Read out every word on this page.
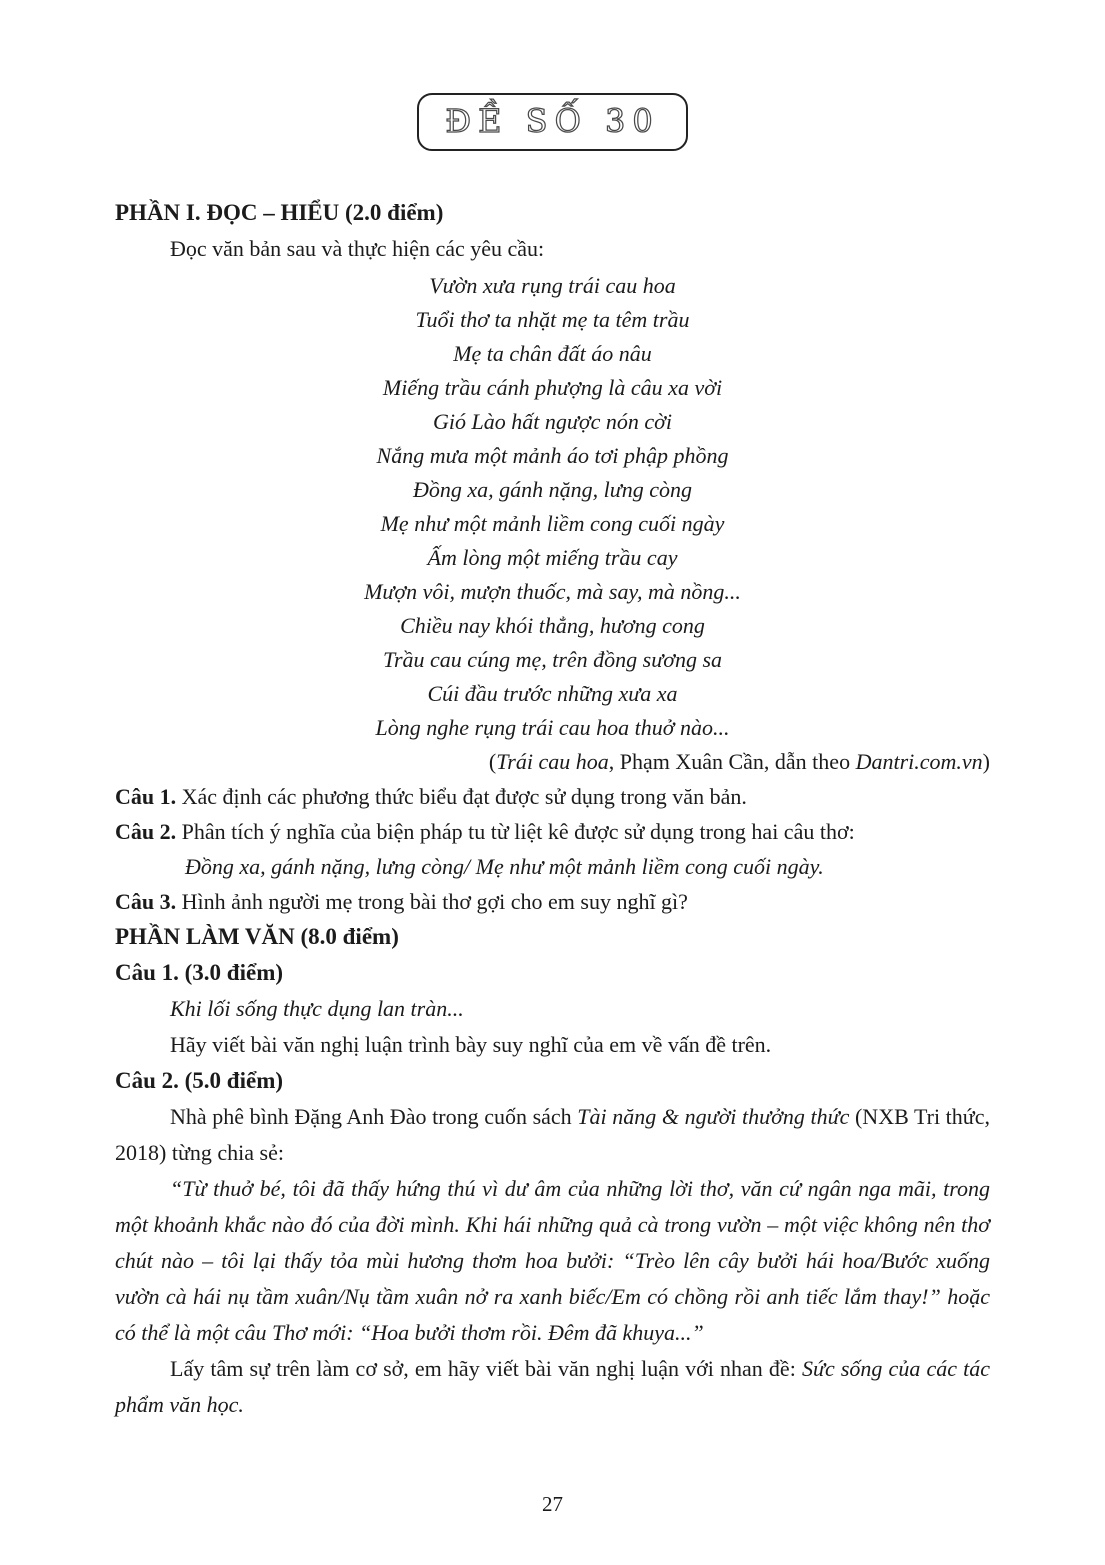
ĐỀ SỐ 30

PHẦN I. ĐỌC – HIỂU (2.0 điểm)

Đọc văn bản sau và thực hiện các yêu cầu:

Vườn xưa rụng trái cau hoa
Tuổi thơ ta nhặt mẹ ta têm trầu
Mẹ ta chân đất áo nâu
Miếng trầu cánh phượng là câu xa vời
Gió Lào hất ngược nón cời
Nắng mưa một mảnh áo tơi phập phồng
Đồng xa, gánh nặng, lưng còng
Mẹ như một mảnh liềm cong cuối ngày
Ấm lòng một miếng trầu cay
Mượn vôi, mượn thuốc, mà say, mà nồng...
Chiều nay khói thẳng, hương cong
Trầu cau cúng mẹ, trên đồng sương sa
Cúi đầu trước những xưa xa
Lòng nghe rụng trái cau hoa thuở nào...

(Trái cau hoa, Phạm Xuân Cần, dẫn theo Dantri.com.vn)

Câu 1. Xác định các phương thức biểu đạt được sử dụng trong văn bản.

Câu 2. Phân tích ý nghĩa của biện pháp tu từ liệt kê được sử dụng trong hai câu thơ:

Đồng xa, gánh nặng, lưng còng/ Mẹ như một mảnh liềm cong cuối ngày.

Câu 3. Hình ảnh người mẹ trong bài thơ gợi cho em suy nghĩ gì?

PHẦN LÀM VĂN (8.0 điểm)

Câu 1. (3.0 điểm)

Khi lối sống thực dụng lan tràn...

Hãy viết bài văn nghị luận trình bày suy nghĩ của em về vấn đề trên.

Câu 2. (5.0 điểm)

Nhà phê bình Đặng Anh Đào trong cuốn sách Tài năng & người thưởng thức (NXB Tri thức, 2018) từng chia sẻ:

“Từ thuở bé, tôi đã thấy hứng thú vì dư âm của những lời thơ, văn cứ ngân nga mãi, trong một khoảnh khắc nào đó của đời mình. Khi hái những quả cà trong vườn – một việc không nên thơ chút nào – tôi lại thấy tỏa mùi hương thơm hoa bưởi: “Trèo lên cây bưởi hái hoa/Bước xuống vườn cà hái nụ tầm xuân/Nụ tầm xuân nở ra xanh biếc/Em có chồng rồi anh tiếc lắm thay!” hoặc có thể là một câu Thơ mới: “Hoa bưởi thơm rồi. Đêm đã khuya...”

Lấy tâm sự trên làm cơ sở, em hãy viết bài văn nghị luận với nhan đề: Sức sống của các tác phẩm văn học.

27
